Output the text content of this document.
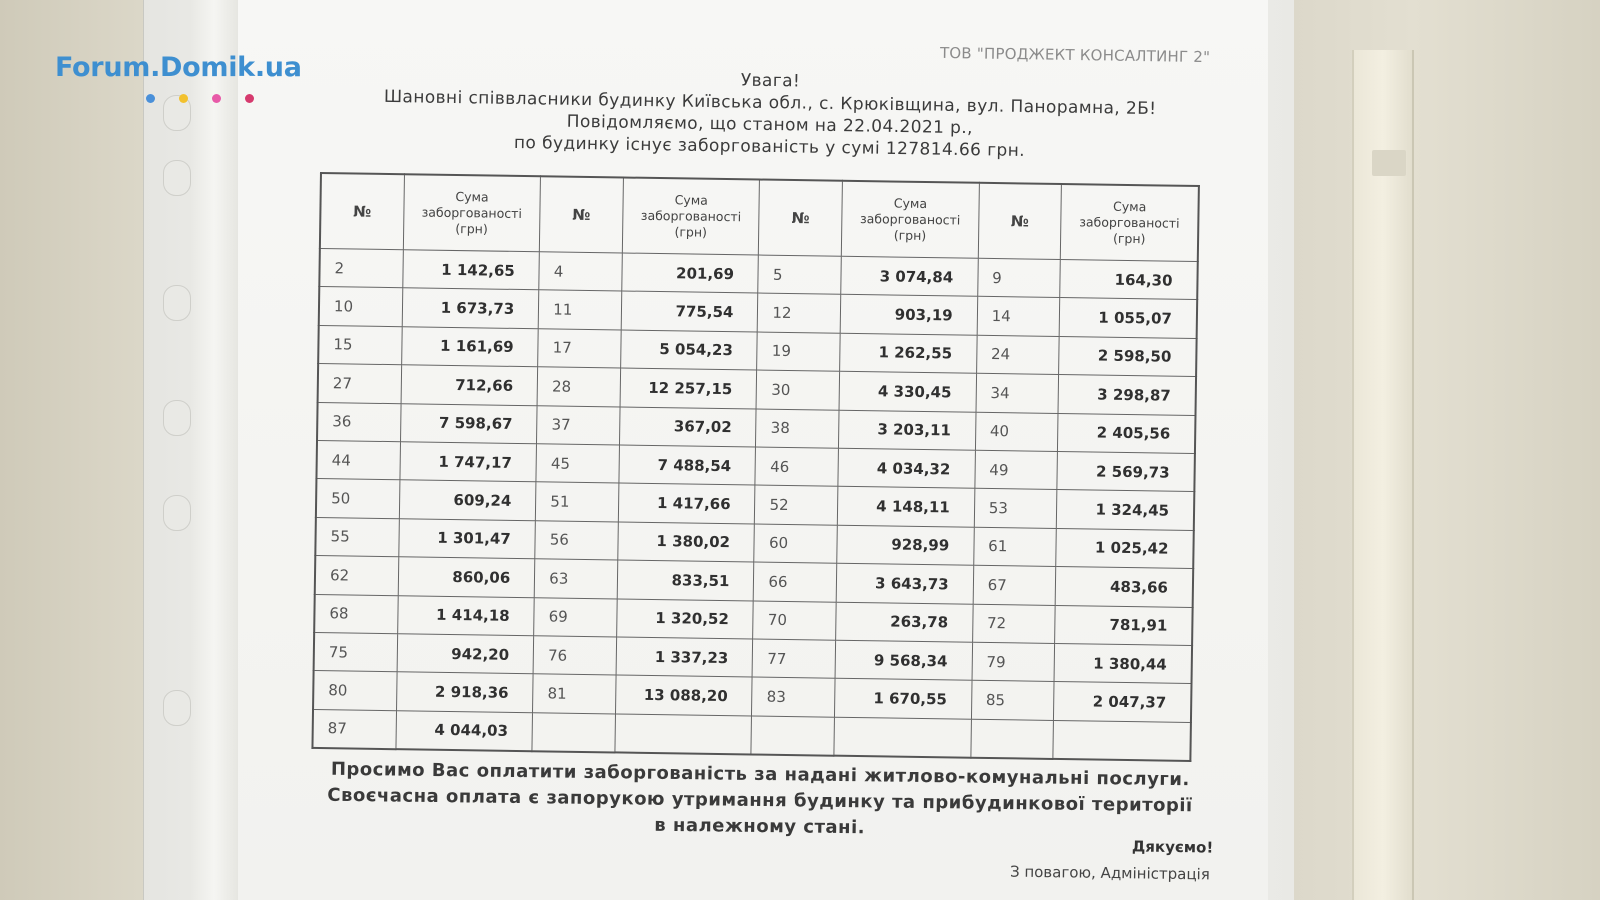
Forum.Domik.ua	ТОВ "ПРОДЖЕКТ КОНСАЛТИНГ 2"
Увага!
Шановні співвласники будинку Київська обл., с. Крюківщина, вул. Панорамна, 2Б!
Повідомляємо, що станом на 22.04.2021 р.,
по будинку існує заборгованість у сумі 127814.66 грн.
№	Сума
заборгованості
(грн)	№	Сума
заборгованості
(грн)	№	Сума
заборгованості
(грн)	№	Сума
заборгованості
(грн)
2	1 142,65	4	201,69	5	3 074,84	9	164,30
10	1 673,73	11	775,54	12	903,19	14	1 055,07
15	1 161,69	17	5 054,23	19	1 262,55	24	2 598,50
27	712,66	28	12 257,15	30	4 330,45	34	3 298,87
36	7 598,67	37	367,02	38	3 203,11	40	2 405,56
44	1 747,17	45	7 488,54	46	4 034,32	49	2 569,73
50	609,24	51	1 417,66	52	4 148,11	53	1 324,45
55	1 301,47	56	1 380,02	60	928,99	61	1 025,42
62	860,06	63	833,51	66	3 643,73	67	483,66
68	1 414,18	69	1 320,52	70	263,78	72	781,91
75	942,20	76	1 337,23	77	9 568,34	79	1 380,44
80	2 918,36	81	13 088,20	83	1 670,55	85	2 047,37
87	4 044,03						
Просимо Вас оплатити заборгованість за надані житлово-комунальні послуги.
Своєчасна оплата є запорукою утримання будинку та прибудинкової території
в належному стані.
Дякуємо!
З повагою, Адміністрація
